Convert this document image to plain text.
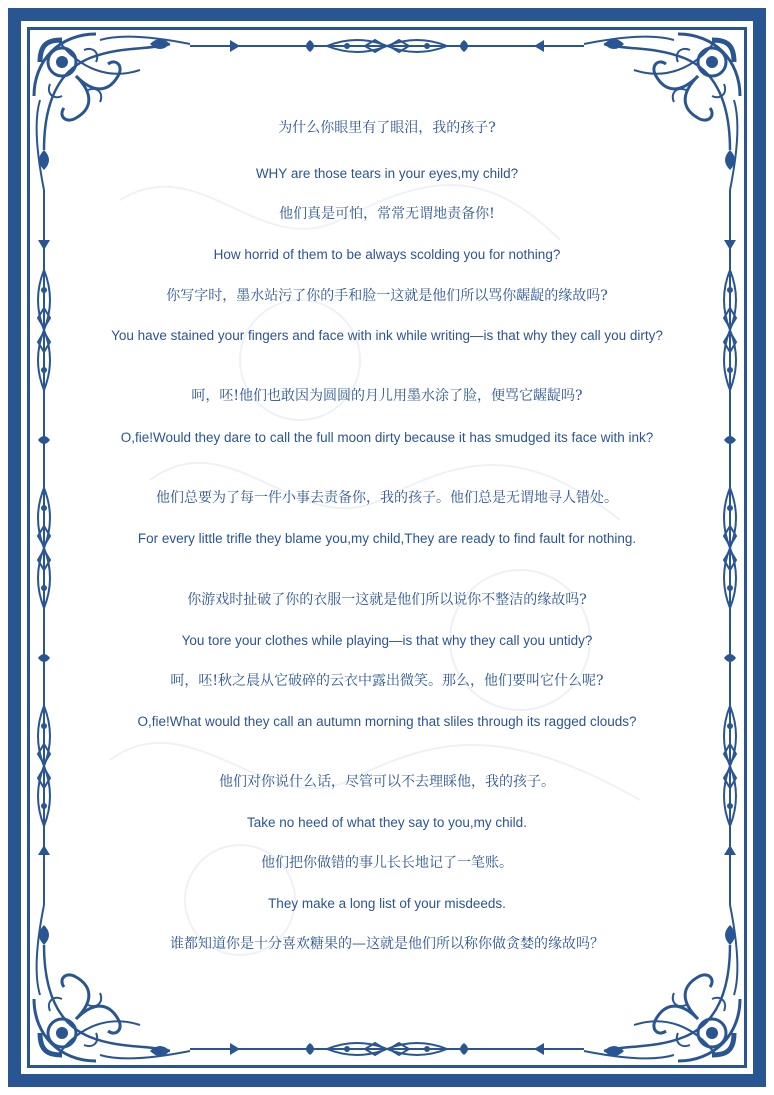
为什么你眼里有了眼泪，我的孩子?

WHY are those tears in your eyes,my child?

他们真是可怕，常常无谓地责备你!

How horrid of them to be always scolding you for nothing?

你写字时，墨水站污了你的手和脸一这就是他们所以骂你龌龊的缘故吗?

You have stained your fingers and face with ink while writing—is that why they call you dirty?

呵，呸!他们也敢因为圆圆的月儿用墨水涂了脸，便骂它龌龊吗?

O,fie!Would they dare to call the full moon dirty because it has smudged its face with ink?

他们总要为了每一件小事去责备你，我的孩子。他们总是无谓地寻人错处。

For every little trifle they blame you,my child,They are ready to find fault for nothing.

你游戏时扯破了你的衣服一这就是他们所以说你不整洁的缘故吗?

You tore your clothes while playing—is that why they call you untidy?

呵，呸!秋之晨从它破碎的云衣中露出微笑。那么，他们要叫它什么呢?

O,fie!What would they call an autumn morning that sliles through its ragged clouds?

他们对你说什么话，尽管可以不去理睬他，我的孩子。

Take no heed of what they say to you,my child.

他们把你做错的事儿长长地记了一笔账。

They make a long list of your misdeeds.

谁都知道你是十分喜欢糖果的—这就是他们所以称你做贪婪的缘故吗？
